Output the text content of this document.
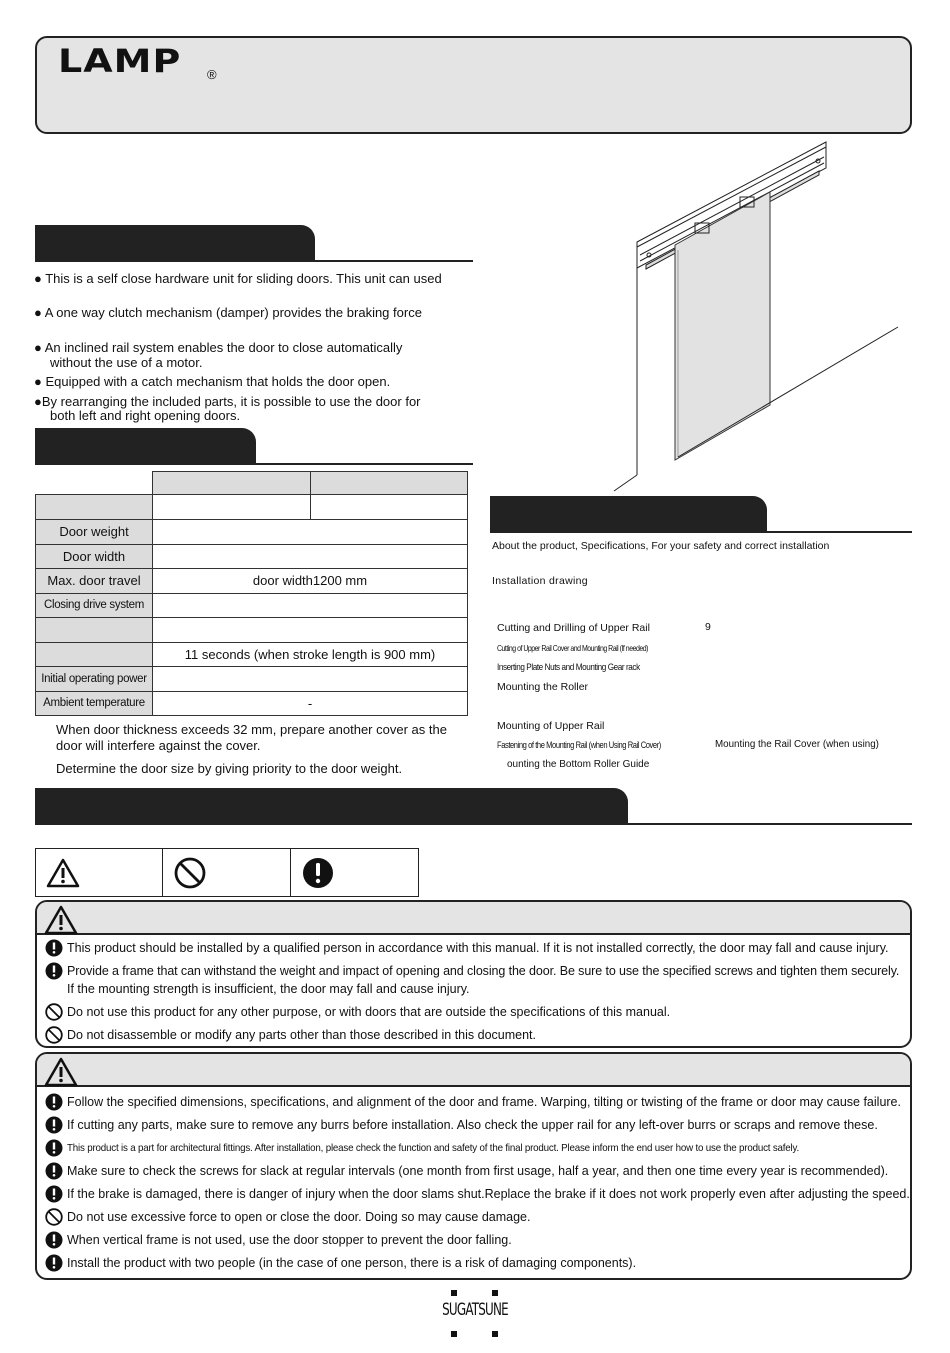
LAMP ®
● This is a self close hardware unit for sliding doors. This unit can used
● A one way clutch mechanism (damper) provides the braking force
● An inclined rail system enables the door to close automatically
without the use of a motor.
● Equipped with a catch mechanism that holds the door open.
●By rearranging the included parts, it is possible to use the door for
both left and right opening doors.

Door weight	
Door width	
Max. door travel	door width1200 mm
Closing drive system	

	11 seconds (when stroke length is 900 mm)
Initial operating power	
Ambient temperature	-
When door thickness exceeds 32 mm, prepare another cover as the
door will interfere against the cover.
Determine the door size by giving priority to the door weight.
About the product, Specifications, For your safety and correct installation
Installation drawing
Cutting and Drilling of Upper Rail	9
Cutting of Upper Rail Cover and Mounting Rail (If needed)
Inserting Plate Nuts and Mounting Gear rack
Mounting the Roller
Mounting of Upper Rail
Fastening of the Mounting Rail (when Using Rail Cover)	Mounting the Rail Cover (when using)
ounting the Bottom Roller Guide
This product should be installed by a qualified person in accordance with this manual. If it is not installed correctly, the door may fall and cause injury.
Provide a frame that can withstand the weight and impact of opening and closing the door. Be sure to use the specified screws and tighten them securely.
If the mounting strength is insufficient, the door may fall and cause injury.
Do not use this product for any other purpose, or with doors that are outside the specifications of this manual.
Do not disassemble or modify any parts other than those described in this document.
Follow the specified dimensions, specifications, and alignment of the door and frame. Warping, tilting or twisting of the frame or door may cause failure.
If cutting any parts, make sure to remove any burrs before installation. Also check the upper rail for any left-over burrs or scraps and remove these.
This product is a part for architectural fittings. After installation, please check the function and safety of the final product. Please inform the end user how to use the product safely.
Make sure to check the screws for slack at regular intervals (one month from first usage, half a year, and then one time every year is recommended).
If the brake is damaged, there is danger of injury when the door slams shut.Replace the brake if it does not work properly even after adjusting the speed.
Do not use excessive force to open or close the door. Doing so may cause damage.
When vertical frame is not used, use the door stopper to prevent the door falling.
Install the product with two people (in the case of one person, there is a risk of damaging components).
SUGATSUNE
